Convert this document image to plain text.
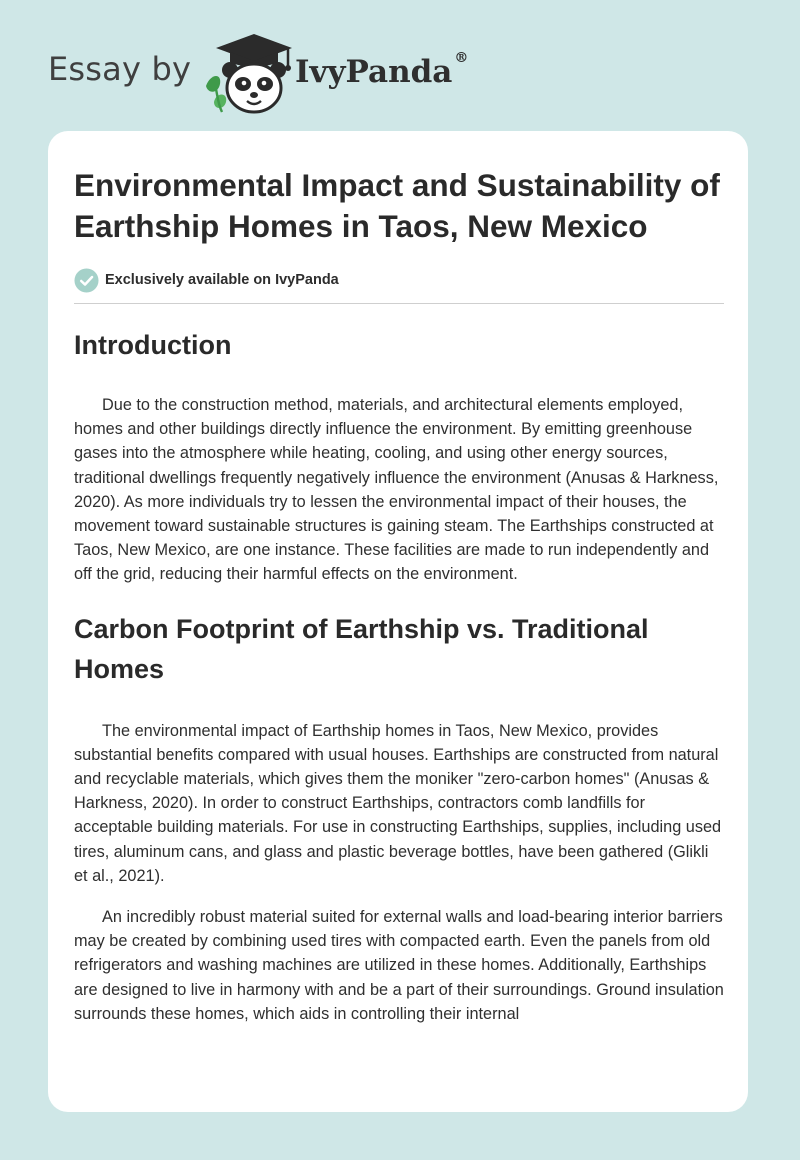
Essay by	IvyPanda ®
Environmental Impact and Sustainability of Earthship Homes in Taos, New Mexico
Exclusively available on IvyPanda
Introduction

Due to the construction method, materials, and architectural elements employed, homes and other buildings directly influence the environment. By emitting greenhouse gases into the atmosphere while heating, cooling, and using other energy sources, traditional dwellings frequently negatively influence the environment (Anusas & Harkness, 2020). As more individuals try to lessen the environmental impact of their houses, the movement toward sustainable structures is gaining steam. The Earthships constructed at Taos, New Mexico, are one instance. These facilities are made to run independently and off the grid, reducing their harmful effects on the environment.

Carbon Footprint of Earthship vs. Traditional Homes

The environmental impact of Earthship homes in Taos, New Mexico, provides substantial benefits compared with usual houses. Earthships are constructed from natural and recyclable materials, which gives them the moniker "zero-carbon homes" (Anusas & Harkness, 2020). In order to construct Earthships, contractors comb landfills for acceptable building materials. For use in constructing Earthships, supplies, including used tires, aluminum cans, and glass and plastic beverage bottles, have been gathered (Glikli et al., 2021).

An incredibly robust material suited for external walls and load-bearing interior barriers may be created by combining used tires with compacted earth. Even the panels from old refrigerators and washing machines are utilized in these homes. Additionally, Earthships are designed to live in harmony with and be a part of their surroundings. Ground insulation surrounds these homes, which aids in controlling their internal
